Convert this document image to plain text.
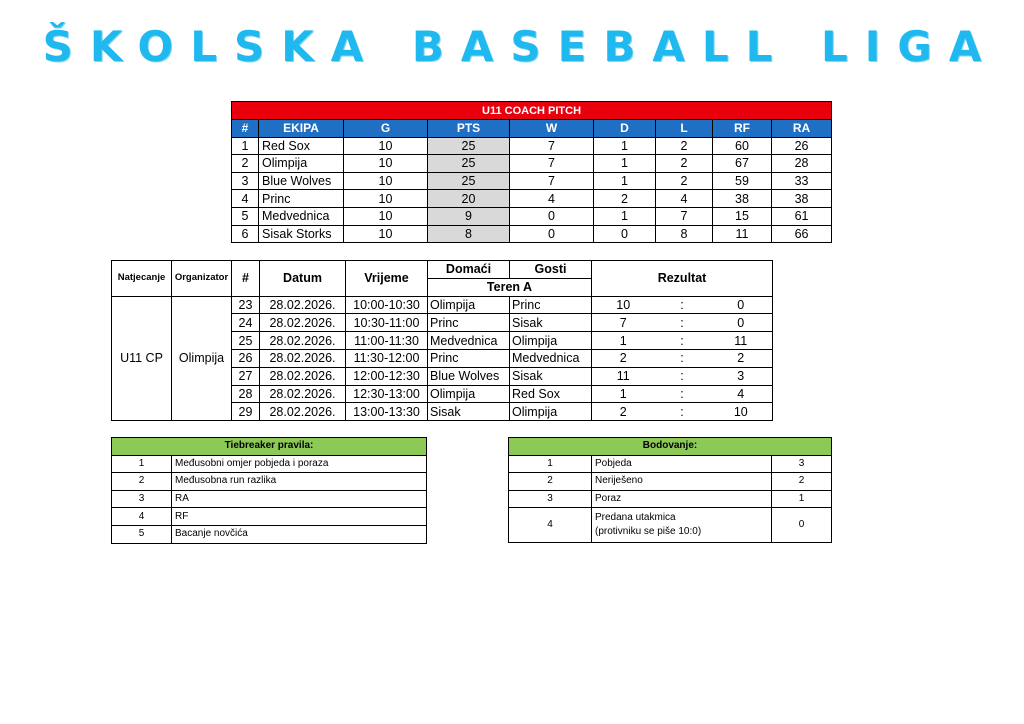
ŠKOLSKA BASEBALL LIGA
U11 COACH PITCH								
#	EKIPA	G	PTS	W	D	L	RF	RA
1	Red Sox	10	25	7	1	2	60	26
2	Olimpija	10	25	7	1	2	67	28
3	Blue Wolves	10	25	7	1	2	59	33
4	Princ	10	20	4	2	4	38	38
5	Medvednica	10	9	0	1	7	15	61
6	Sisak Storks	10	8	0	0	8	11	66
Natjecanje	Organizator	#	Datum	Vrijeme	Domaći	Gosti	Rezultat		
					Teren A				
U11 CP	Olimpija	23	28.02.2026.	10:00-10:30	Olimpija	Princ	10	:	0
		24	28.02.2026.	10:30-11:00	Princ	Sisak	7	:	0
		25	28.02.2026.	11:00-11:30	Medvednica	Olimpija	1	:	11
		26	28.02.2026.	11:30-12:00	Princ	Medvednica	2	:	2
		27	28.02.2026.	12:00-12:30	Blue Wolves	Sisak	11	:	3
		28	28.02.2026.	12:30-13:00	Olimpija	Red Sox	1	:	4
		29	28.02.2026.	13:00-13:30	Sisak	Olimpija	2	:	10
Tiebreaker pravila:	
1	Međusobni omjer pobjeda i poraza
2	Međusobna run razlika
3	RA
4	RF
5	Bacanje novčića
Bodovanje:		
1	Pobjeda	3
2	Neriješeno	2
3	Poraz	1
4	Predana utakmica
(protivniku se piše 10:0)	0
